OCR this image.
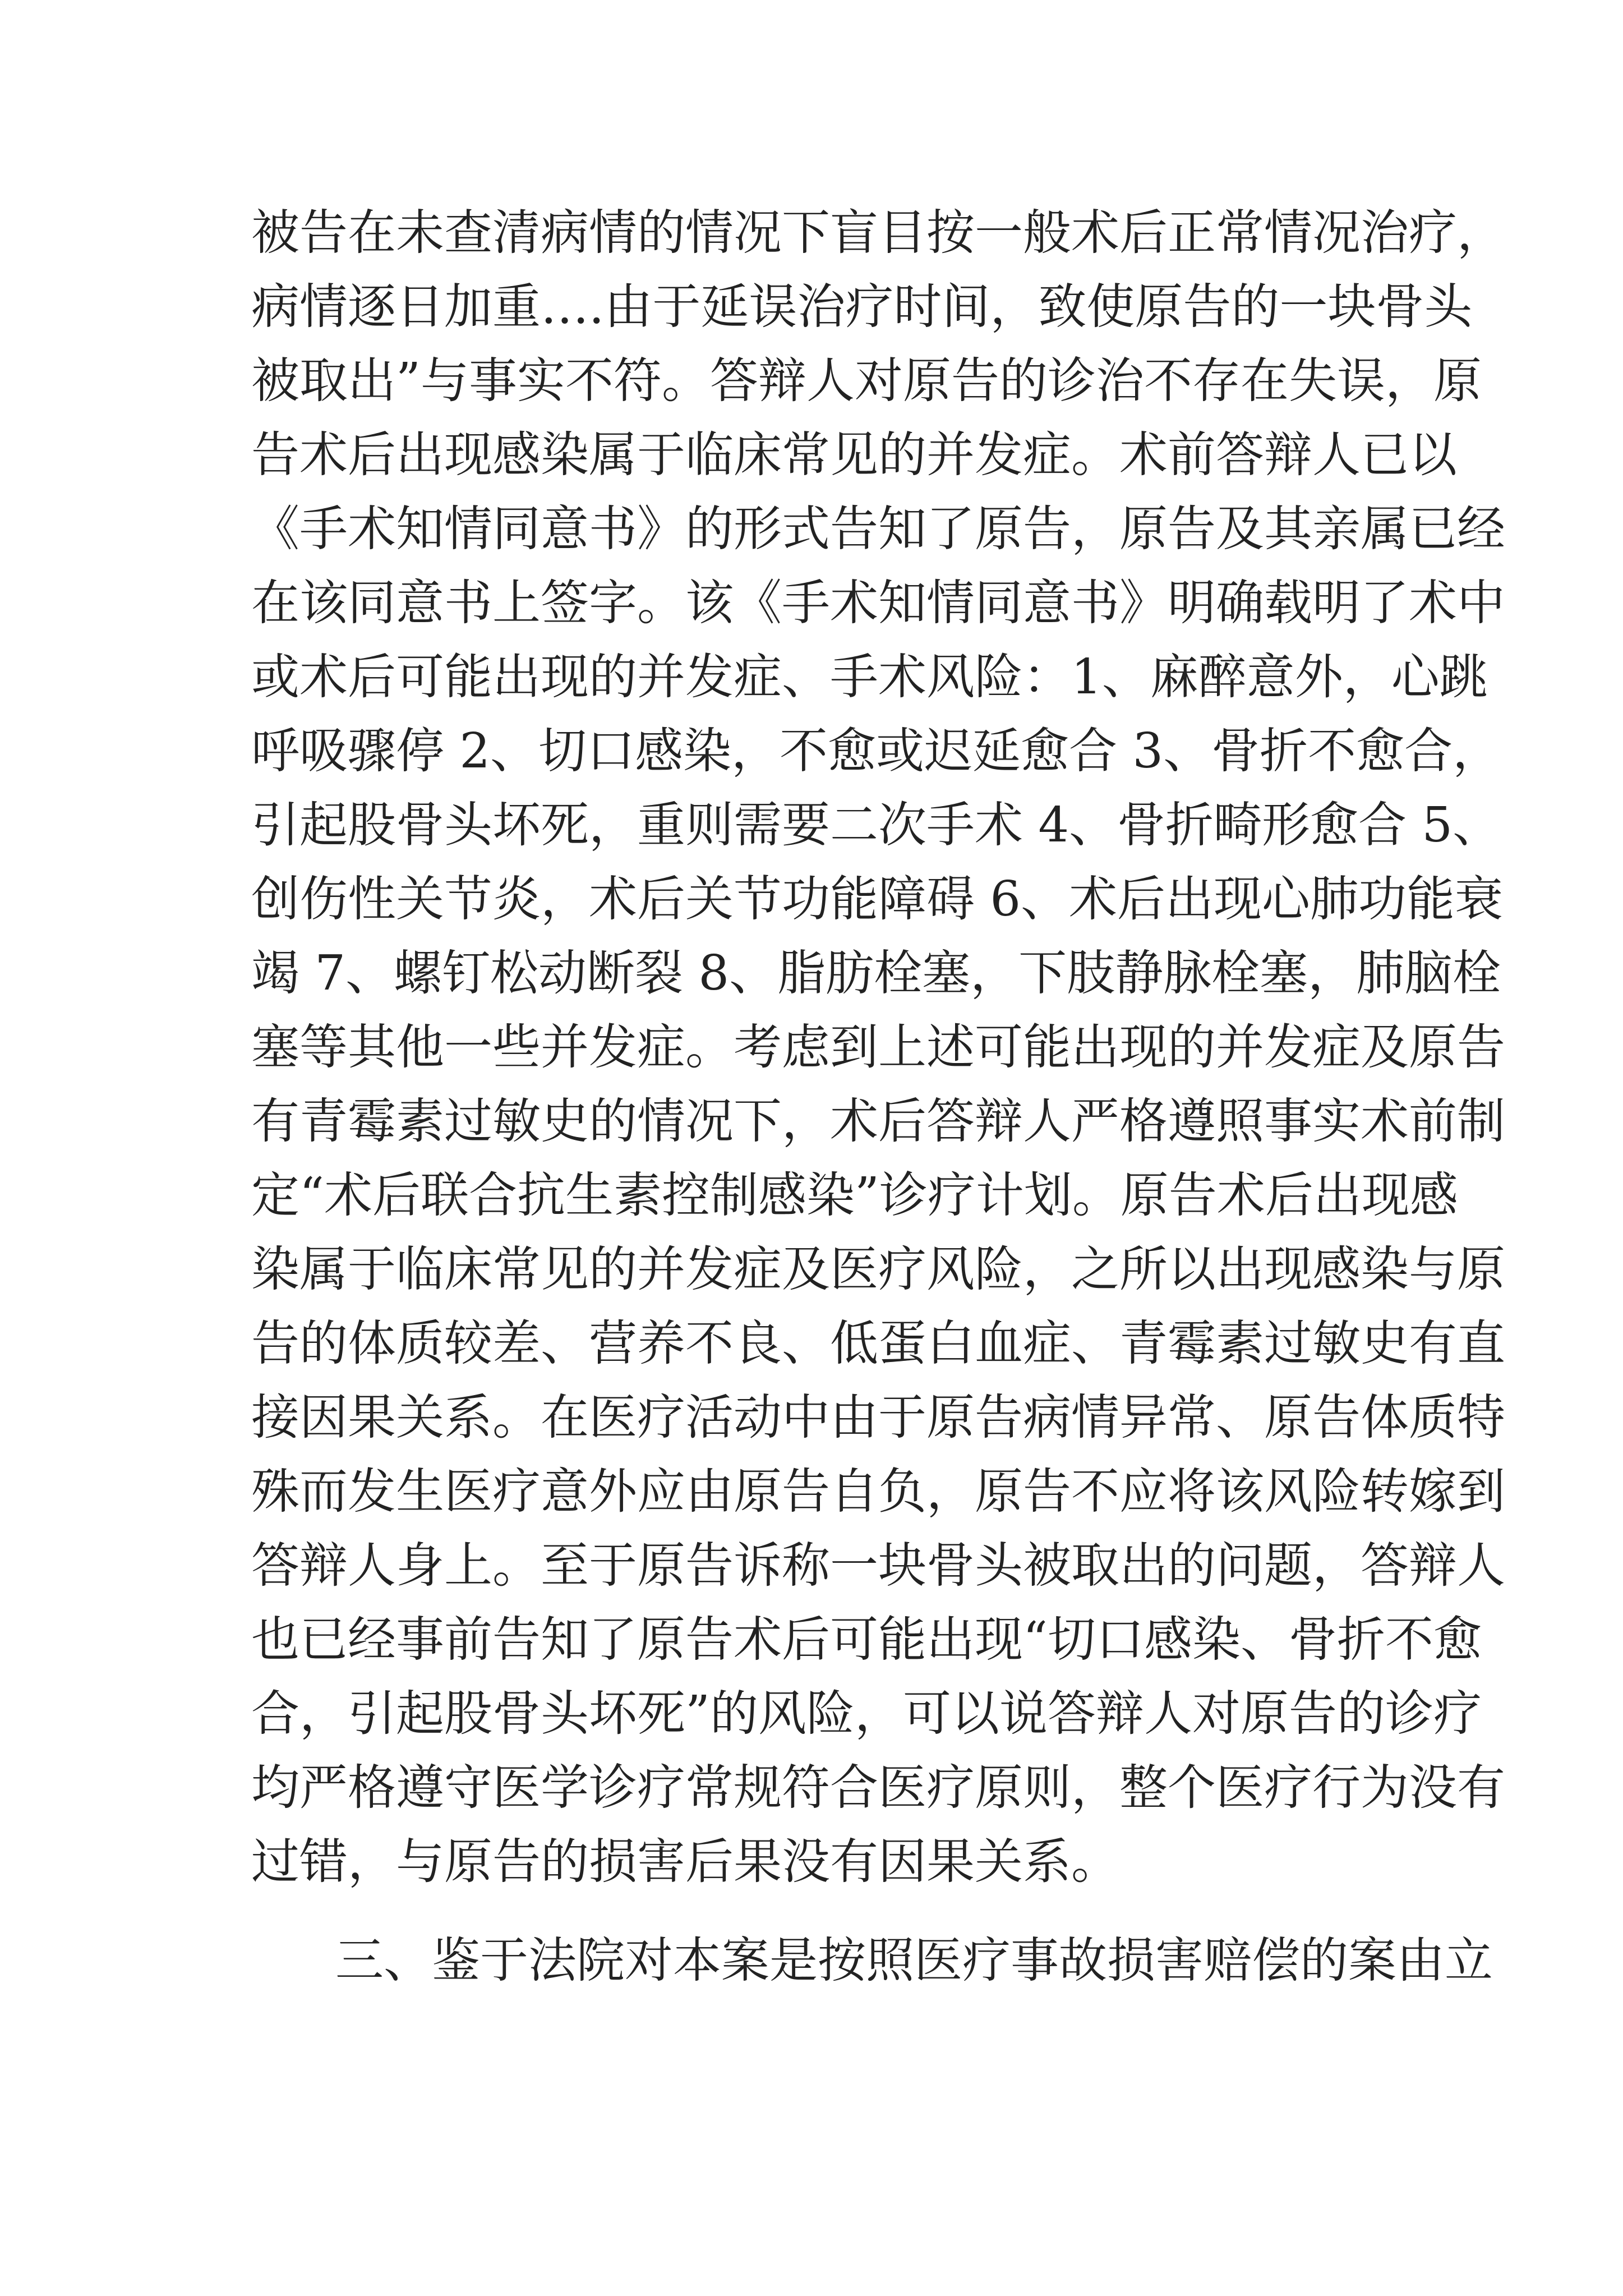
被告在未查清病情的情况下盲目按一般术后正常情况治疗，
病情逐日加重….由于延误治疗时间，致使原告的一块骨头
被取出”与事实不符。答辩人对原告的诊治不存在失误，原
告术后出现感染属于临床常见的并发症。术前答辩人已以
《手术知情同意书》的形式告知了原告，原告及其亲属已经
在该同意书上签字。该《手术知情同意书》明确载明了术中
或术后可能出现的并发症、手术风险：1、麻醉意外，心跳
呼吸骤停 2、切口感染，不愈或迟延愈合 3、骨折不愈合，
引起股骨头坏死，重则需要二次手术 4、骨折畸形愈合 5、
创伤性关节炎，术后关节功能障碍 6、术后出现心肺功能衰
竭 7、螺钉松动断裂 8、脂肪栓塞，下肢静脉栓塞，肺脑栓
塞等其他一些并发症。考虑到上述可能出现的并发症及原告
有青霉素过敏史的情况下，术后答辩人严格遵照事实术前制
定“术后联合抗生素控制感染”诊疗计划。原告术后出现感
染属于临床常见的并发症及医疗风险，之所以出现感染与原
告的体质较差、营养不良、低蛋白血症、青霉素过敏史有直
接因果关系。在医疗活动中由于原告病情异常、原告体质特
殊而发生医疗意外应由原告自负，原告不应将该风险转嫁到
答辩人身上。至于原告诉称一块骨头被取出的问题，答辩人
也已经事前告知了原告术后可能出现“切口感染、骨折不愈
合，引起股骨头坏死”的风险，可以说答辩人对原告的诊疗
均严格遵守医学诊疗常规符合医疗原则，整个医疗行为没有
过错，与原告的损害后果没有因果关系。
三、鉴于法院对本案是按照医疗事故损害赔偿的案由立
